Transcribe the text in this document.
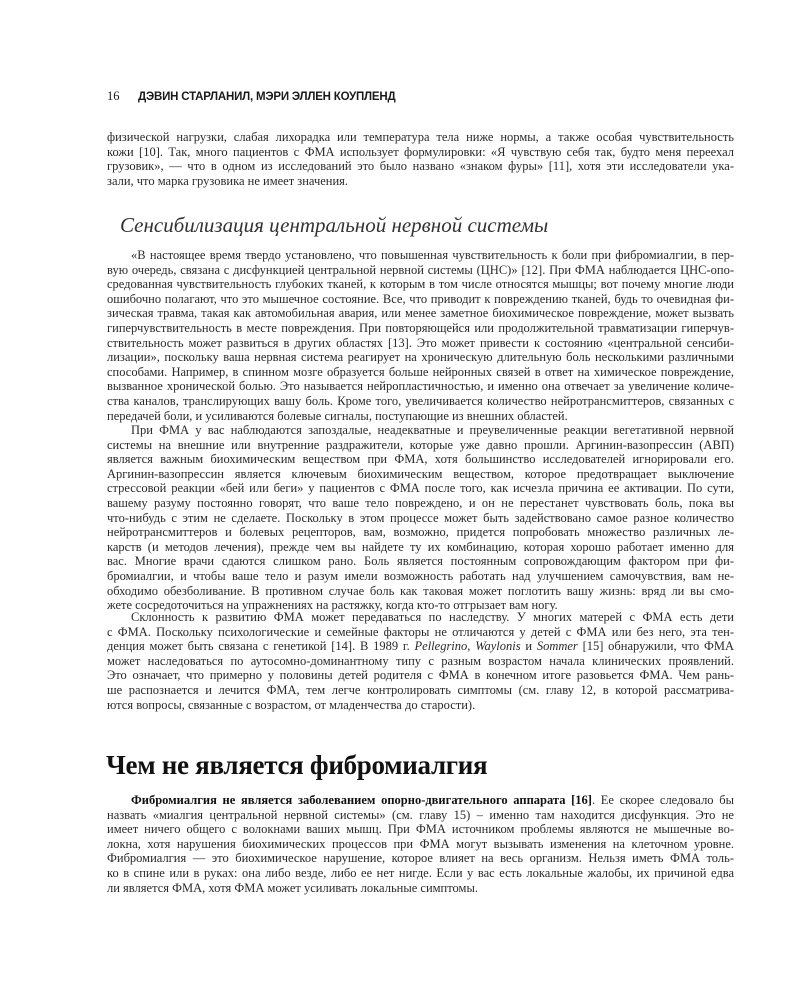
16 ДЭВИН СТАРЛАНИЛ, МЭРИ ЭЛЛЕН КОУПЛЕНД
физической нагрузки, слабая лихорадка или температура тела ниже нормы, а также особая чувствительность
кожи [10]. Так, много пациентов с ФМА использует формулировки: «Я чувствую себя так, будто меня переехал
грузовик», — что в одном из исследований это было названо «знаком фуры» [11], хотя эти исследователи ука-
зали, что марка грузовика не имеет значения.
Сенсибилизация центральной нервной системы
«В настоящее время твердо установлено, что повышенная чувствительность к боли при фибромиалгии, в пер-
вую очередь, связана с дисфункцией центральной нервной системы (ЦНС)» [12]. При ФМА наблюдается ЦНС-опо-
средованная чувствительность глубоких тканей, к которым в том числе относятся мышцы; вот почему многие люди
ошибочно полагают, что это мышечное состояние. Все, что приводит к повреждению тканей, будь то очевидная фи-
зическая травма, такая как автомобильная авария, или менее заметное биохимическое повреждение, может вызвать
гиперчувствительность в месте повреждения. При повторяющейся или продолжительной травматизации гиперчув-
ствительность может развиться в других областях [13]. Это может привести к состоянию «центральной сенсиби-
лизации», поскольку ваша нервная система реагирует на хроническую длительную боль несколькими различными
способами. Например, в спинном мозге образуется больше нейронных связей в ответ на химическое повреждение,
вызванное хронической болью. Это называется нейропластичностью, и именно она отвечает за увеличение количе-
ства каналов, транслирующих вашу боль. Кроме того, увеличивается количество нейротрансмиттеров, связанных с
передачей боли, и усиливаются болевые сигналы, поступающие из внешних областей.
При ФМА у вас наблюдаются запоздалые, неадекватные и преувеличенные реакции вегетативной нервной
системы на внешние или внутренние раздражители, которые уже давно прошли. Аргинин-вазопрессин (АВП)
является важным биохимическим веществом при ФМА, хотя большинство исследователей игнорировали его.
Аргинин-вазопрессин является ключевым биохимическим веществом, которое предотвращает выключение
стрессовой реакции «бей или беги» у пациентов с ФМА после того, как исчезла причина ее активации. По сути,
вашему разуму постоянно говорят, что ваше тело повреждено, и он не перестанет чувствовать боль, пока вы
что-нибудь с этим не сделаете. Поскольку в этом процессе может быть задействовано самое разное количество
нейротрансмиттеров и болевых рецепторов, вам, возможно, придется попробовать множество различных ле-
карств (и методов лечения), прежде чем вы найдете ту их комбинацию, которая хорошо работает именно для
вас. Многие врачи сдаются слишком рано. Боль является постоянным сопровождающим фактором при фи-
бромиалгии, и чтобы ваше тело и разум имели возможность работать над улучшением самочувствия, вам не-
обходимо обезболивание. В противном случае боль как таковая может поглотить вашу жизнь: вряд ли вы смо-
жете сосредоточиться на упражнениях на растяжку, когда кто-то отгрызает вам ногу.
Склонность к развитию ФМА может передаваться по наследству. У многих матерей с ФМА есть дети
с ФМА. Поскольку психологические и семейные факторы не отличаются у детей с ФМА или без него, эта тен-
денция может быть связана с генетикой [14]. В 1989 г. Pellegrino, Waylonis и Sommer [15] обнаружили, что ФМА
может наследоваться по аутосомно-доминантному типу с разным возрастом начала клинических проявлений.
Это означает, что примерно у половины детей родителя с ФМА в конечном итоге разовьется ФМА. Чем рань-
ше распознается и лечится ФМА, тем легче контролировать симптомы (см. главу 12, в которой рассматрива-
ются вопросы, связанные с возрастом, от младенчества до старости).
Чем не является фибромиалгия
Фибромиалгия не является заболеванием опорно-двигательного аппарата [16]. Ее скорее следовало бы
назвать «миалгия центральной нервной системы» (см. главу 15) – именно там находится дисфункция. Это не
имеет ничего общего с волокнами ваших мышц. При ФМА источником проблемы являются не мышечные во-
локна, хотя нарушения биохимических процессов при ФМА могут вызывать изменения на клеточном уровне.
Фибромиалгия — это биохимическое нарушение, которое влияет на весь организм. Нельзя иметь ФМА толь-
ко в спине или в руках: она либо везде, либо ее нет нигде. Если у вас есть локальные жалобы, их причиной едва
ли является ФМА, хотя ФМА может усиливать локальные симптомы.
